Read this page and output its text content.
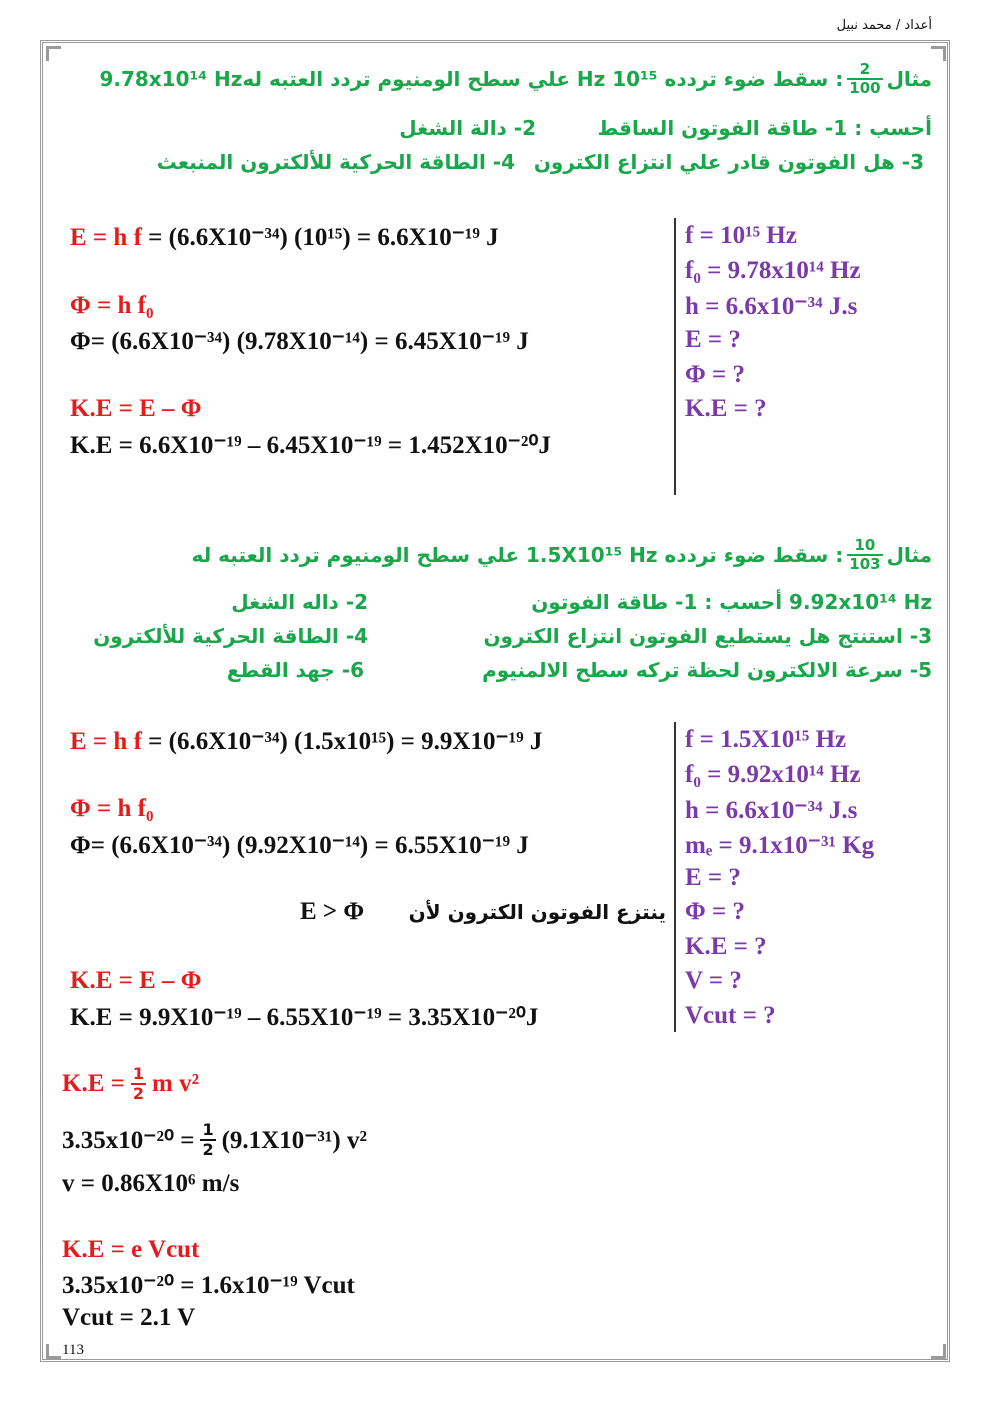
أعداد / محمد نبيل
مثال
$\frac{2}{100}$
: سقط ضوء تردده 10¹⁵ Hz علي سطح الومنيوم تردد العتبه له9.78x10¹⁴ Hz
أحسب : 1- طاقة الفوتون الساقط
2- دالة الشغل
3- هل الفوتون قادر علي انتزاع الكترون
4- الطاقة الحركية للألكترون المنبعث
E = h f = (6.6X10⁻³⁴) (10¹⁵) = 6.6X10⁻¹⁹ J
Φ = h f₀
Φ= (6.6X10⁻³⁴) (9.78X10⁻¹⁴) = 6.45X10⁻¹⁹ J
K.E = E – Φ
K.E = 6.6X10⁻¹⁹ – 6.45X10⁻¹⁹ = 1.452X10⁻²⁰J
f = 10¹⁵ Hz
f₀ = 9.78x10¹⁴ Hz
h = 6.6x10⁻³⁴ J.s
E = ?
Φ = ?
K.E = ?
مثال
$\frac{10}{103}$
: سقط ضوء تردده 1.5X10¹⁵ Hz علي سطح الومنيوم تردد العتبه له
9.92x10¹⁴ Hz أحسب : 1- طاقة الفوتون
2- داله الشغل
3- استنتج هل يستطيع الفوتون انتزاع الكترون
4- الطاقة الحركية للألكترون
5- سرعة الالكترون لحظة تركه سطح الالمنيوم
6- جهد القطع
E = h f = (6.6X10⁻³⁴) (1.5x10¹⁵) = 9.9X10⁻¹⁹ J
Φ = h f₀
Φ= (6.6X10⁻³⁴) (9.92X10⁻¹⁴) = 6.55X10⁻¹⁹ J
E > Φ ينتزع الفوتون الكترون لأن
K.E = E – Φ
K.E = 9.9X10⁻¹⁹ – 6.55X10⁻¹⁹ = 3.35X10⁻²⁰J
f = 1.5X10¹⁵ Hz
f₀ = 9.92x10¹⁴ Hz
h = 6.6x10⁻³⁴ J.s
mₑ = 9.1x10⁻³¹ Kg
E = ?
Φ = ?
K.E = ?
V = ?
Vcut = ?
$K.E = \frac{1}{2}$ m v²
$3.35x10^{-20} = \frac{1}{2} (9.1X10^{-31})$ v²
v = 0.86X10⁶ m/s
K.E = e Vcut
3.35x10⁻²⁰ = 1.6x10⁻¹⁹ Vcut
Vcut = 2.1 V
113
